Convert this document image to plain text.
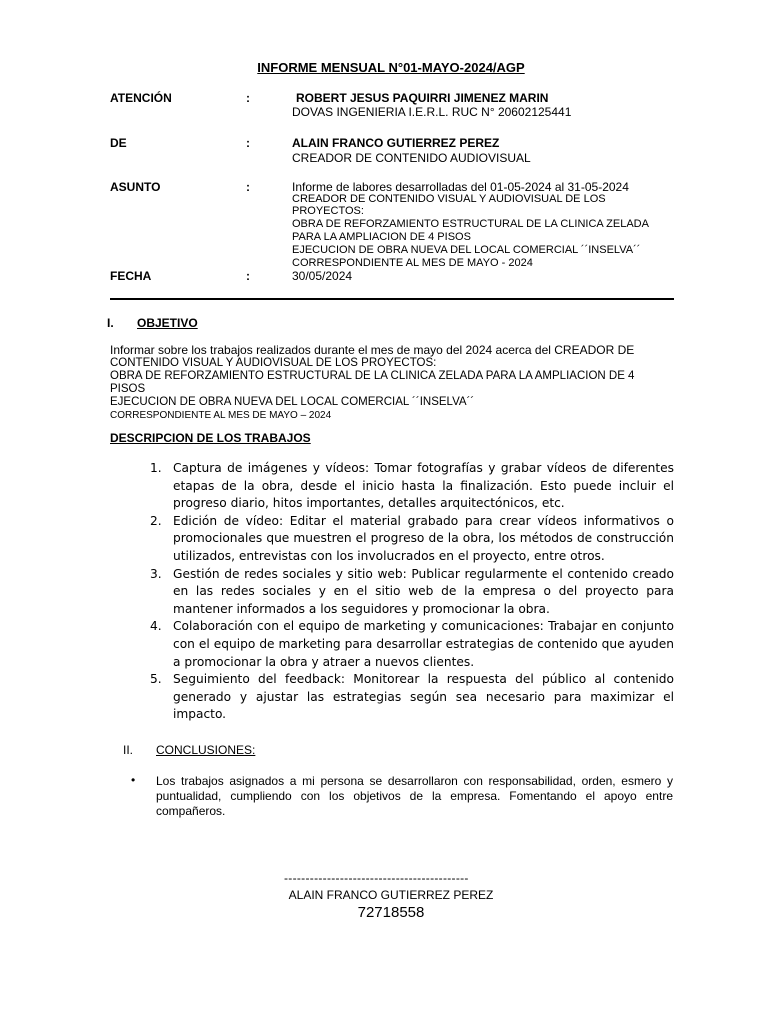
INFORME MENSUAL N°01-MAYO-2024/AGP
ATENCIÓN	:	ROBERT JESUS PAQUIRRI JIMENEZ MARIN
DOVAS INGENIERIA I.E.R.L. RUC N° 20602125441
DE	:	ALAIN FRANCO GUTIERREZ PEREZ
CREADOR DE CONTENIDO AUDIOVISUAL
ASUNTO	:	Informe de labores desarrolladas del 01-05-2024 al 31-05-2024
CREADOR DE CONTENIDO VISUAL Y AUDIOVISUAL DE LOS
PROYECTOS:
OBRA DE REFORZAMIENTO ESTRUCTURAL DE LA CLINICA ZELADA
PARA LA AMPLIACION DE 4 PISOS
EJECUCION DE OBRA NUEVA DEL LOCAL COMERCIAL ´´INSELVA´´
CORRESPONDIENTE AL MES DE MAYO - 2024
FECHA	:	30/05/2024
I. OBJETIVO
Informar sobre los trabajos realizados durante el mes de mayo del 2024 acerca del CREADOR DE
CONTENIDO VISUAL Y AUDIOVISUAL DE LOS PROYECTOS:
OBRA DE REFORZAMIENTO ESTRUCTURAL DE LA CLINICA ZELADA PARA LA AMPLIACION DE 4
PISOS
EJECUCION DE OBRA NUEVA DEL LOCAL COMERCIAL ´´INSELVA´´
CORRESPONDIENTE AL MES DE MAYO – 2024
DESCRIPCION DE LOS TRABAJOS
1. Captura de imágenes y vídeos: Tomar fotografías y grabar vídeos de diferentes etapas de la obra, desde el inicio hasta la finalización. Esto puede incluir el progreso diario, hitos importantes, detalles arquitectónicos, etc.
2. Edición de vídeo: Editar el material grabado para crear vídeos informativos o promocionales que muestren el progreso de la obra, los métodos de construcción utilizados, entrevistas con los involucrados en el proyecto, entre otros.
3. Gestión de redes sociales y sitio web: Publicar regularmente el contenido creado en las redes sociales y en el sitio web de la empresa o del proyecto para mantener informados a los seguidores y promocionar la obra.
4. Colaboración con el equipo de marketing y comunicaciones: Trabajar en conjunto con el equipo de marketing para desarrollar estrategias de contenido que ayuden a promocionar la obra y atraer a nuevos clientes.
5. Seguimiento del feedback: Monitorear la respuesta del público al contenido generado y ajustar las estrategias según sea necesario para maximizar el impacto.
II. CONCLUSIONES:
• Los trabajos asignados a mi persona se desarrollaron con responsabilidad, orden, esmero y puntualidad, cumpliendo con los objetivos de la empresa. Fomentando el apoyo entre compañeros.
-------------------------------------------
ALAIN FRANCO GUTIERREZ PEREZ
72718558
